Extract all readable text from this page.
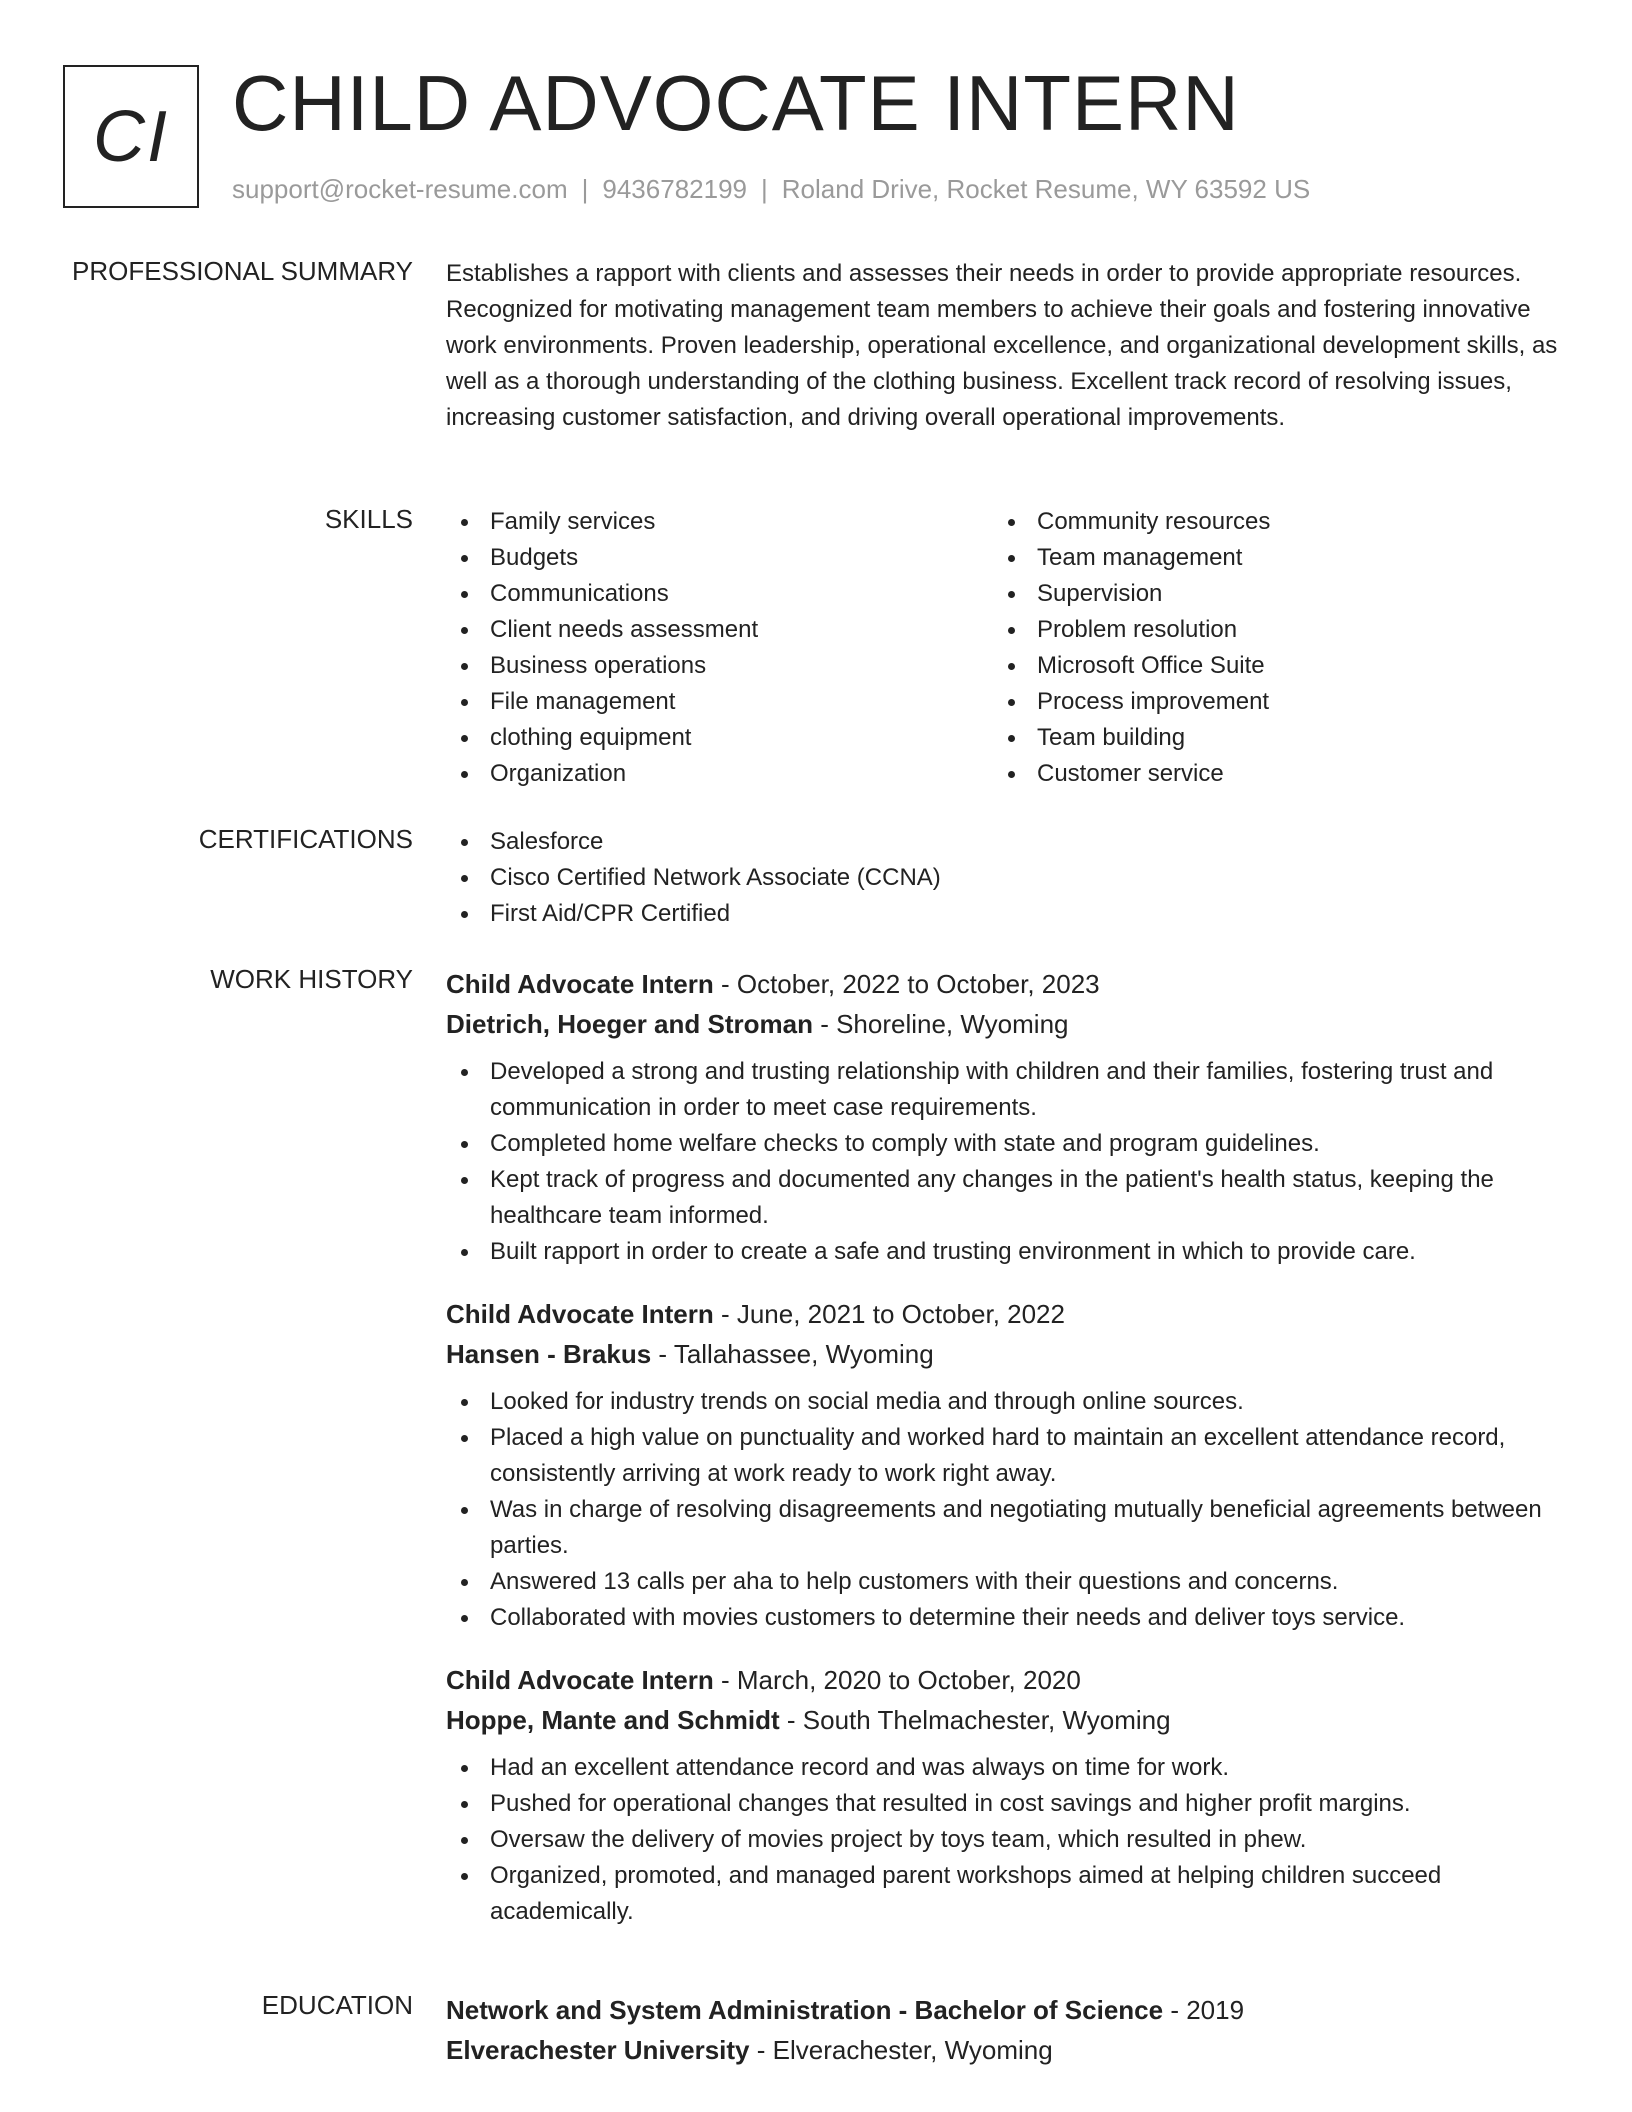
CI CHILD ADVOCATE INTERN
support@rocket-resume.com | 9436782199 | Roland Drive, Rocket Resume, WY 63592 US
PROFESSIONAL SUMMARY Establishes a rapport with clients and assesses their needs in order to provide appropriate resources. Recognized for motivating management team members to achieve their goals and fostering innovative work environments. Proven leadership, operational excellence, and organizational development skills, as well as a thorough understanding of the clothing business. Excellent track record of resolving issues, increasing customer satisfaction, and driving overall operational improvements.
SKILLS	Family services
Budgets
Communications
Client needs assessment
Business operations
File management
clothing equipment
Organization
Community resources
Team management
Supervision
Problem resolution
Microsoft Office Suite
Process improvement
Team building
Customer service
CERTIFICATIONS	Salesforce
Cisco Certified Network Associate (CCNA)
First Aid/CPR Certified
WORK HISTORY Child Advocate Intern - October, 2022 to October, 2023
Dietrich, Hoeger and Stroman - Shoreline, Wyoming
Developed a strong and trusting relationship with children and their families, fostering trust and communication in order to meet case requirements.
Completed home welfare checks to comply with state and program guidelines.
Kept track of progress and documented any changes in the patient's health status, keeping the healthcare team informed.
Built rapport in order to create a safe and trusting environment in which to provide care.
Child Advocate Intern - June, 2021 to October, 2022
Hansen - Brakus - Tallahassee, Wyoming
Looked for industry trends on social media and through online sources.
Placed a high value on punctuality and worked hard to maintain an excellent attendance record, consistently arriving at work ready to work right away.
Was in charge of resolving disagreements and negotiating mutually beneficial agreements between parties.
Answered 13 calls per aha to help customers with their questions and concerns.
Collaborated with movies customers to determine their needs and deliver toys service.
Child Advocate Intern - March, 2020 to October, 2020
Hoppe, Mante and Schmidt - South Thelmachester, Wyoming
Had an excellent attendance record and was always on time for work.
Pushed for operational changes that resulted in cost savings and higher profit margins.
Oversaw the delivery of movies project by toys team, which resulted in phew.
Organized, promoted, and managed parent workshops aimed at helping children succeed academically.
EDUCATION Network and System Administration - Bachelor of Science - 2019
Elverachester University - Elverachester, Wyoming
